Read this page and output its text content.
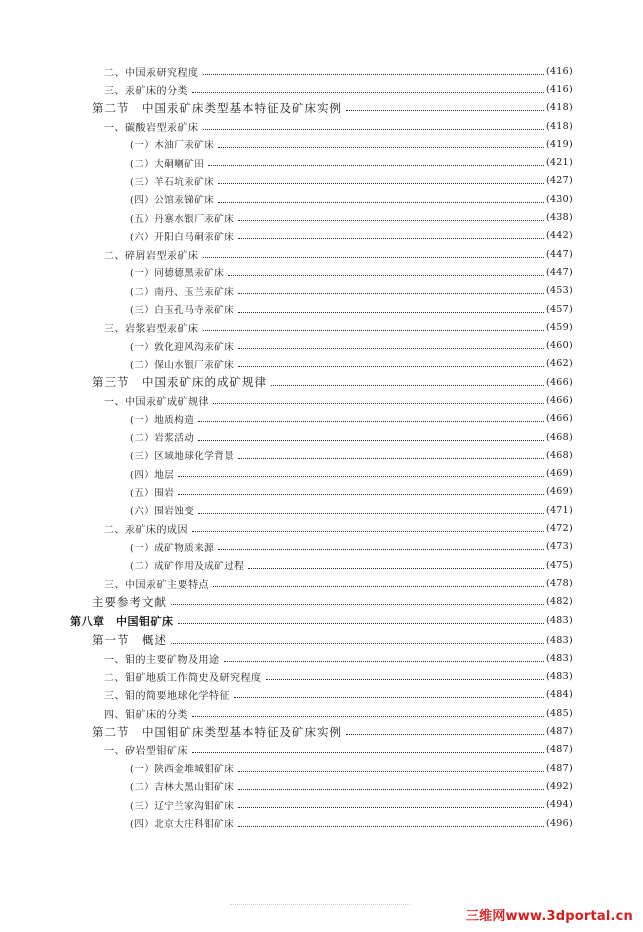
二、中国汞研究程度	(416)
三、汞矿床的分类	(416)
第二节　中国汞矿床类型基本特征及矿床实例	(418)
一、碳酸岩型汞矿床	(418)
(一）木油厂汞矿床	(419)
(二）大硐喇矿田	(421)
(三）羊石坑汞矿床	(427)
(四）公馆汞锑矿床	(430)
(五）丹寨水银厂汞矿床	(438)
(六）开阳白马硐汞矿床	(442)
二、碎屑岩型汞矿床	(447)
(一）同德德黑汞矿床	(447)
(二）南丹、玉兰汞矿床	(453)
(三）白玉孔马寺汞矿床	(457)
三、岩浆岩型汞矿床	(459)
(一）敦化迎风沟汞矿床	(460)
(二）保山水银厂汞矿床	(462)
第三节　中国汞矿床的成矿规律	(466)
一、中国汞矿成矿规律	(466)
(一）地质构造	(466)
(二）岩浆活动	(468)
(三）区域地球化学背景	(468)
(四）地层	(469)
(五）围岩	(469)
(六）围岩蚀变	(471)
二、汞矿床的成因	(472)
(一）成矿物质来源	(473)
(二）成矿作用及成矿过程	(475)
三、中国汞矿主要特点	(478)
主要参考文献	(482)
第八章　中国钼矿床	(483)
第一节　概述	(483)
一、钼的主要矿物及用途	(483)
二、钼矿地质工作简史及研究程度	(483)
三、钼的简要地球化学特征	(484)
四、钼矿床的分类	(485)
第二节　中国钼矿床类型基本特征及矿床实例	(487)
一、矽岩型钼矿床	(487)
(一）陕西金堆城钼矿床	(487)
(二）吉林大黑山钼矿床	(492)
(三）辽宁兰家沟钼矿床	(494)
(四）北京大庄科钼矿床	(496)
三维网www.3dportal.cn
